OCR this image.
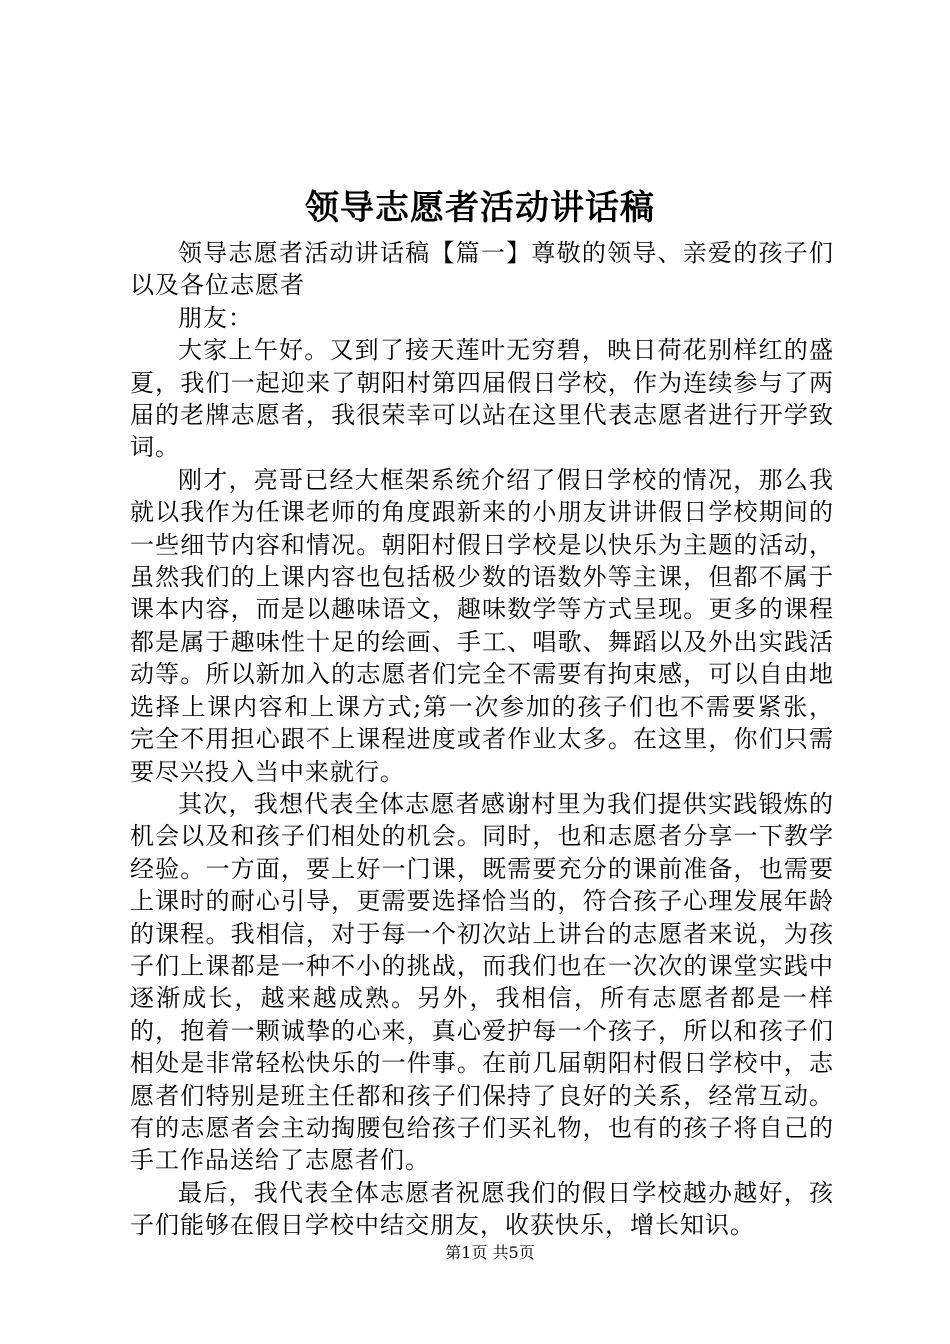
领导志愿者活动讲话稿

领导志愿者活动讲话稿【篇一】尊敬的领导、亲爱的孩子们以及各位志愿者

朋友：

大家上午好。又到了接天莲叶无穷碧，映日荷花别样红的盛夏，我们一起迎来了朝阳村第四届假日学校，作为连续参与了两届的老牌志愿者，我很荣幸可以站在这里代表志愿者进行开学致词。

刚才，亮哥已经大框架系统介绍了假日学校的情况，那么我就以我作为任课老师的角度跟新来的小朋友讲讲假日学校期间的一些细节内容和情况。朝阳村假日学校是以快乐为主题的活动，虽然我们的上课内容也包括极少数的语数外等主课，但都不属于课本内容，而是以趣味语文，趣味数学等方式呈现。更多的课程都是属于趣味性十足的绘画、手工、唱歌、舞蹈以及外出实践活动等。所以新加入的志愿者们完全不需要有拘束感，可以自由地选择上课内容和上课方式;第一次参加的孩子们也不需要紧张，完全不用担心跟不上课程进度或者作业太多。在这里，你们只需要尽兴投入当中来就行。

其次，我想代表全体志愿者感谢村里为我们提供实践锻炼的机会以及和孩子们相处的机会。同时，也和志愿者分享一下教学经验。一方面，要上好一门课，既需要充分的课前准备，也需要上课时的耐心引导，更需要选择恰当的，符合孩子心理发展年龄的课程。我相信，对于每一个初次站上讲台的志愿者来说，为孩子们上课都是一种不小的挑战，而我们也在一次次的课堂实践中逐渐成长，越来越成熟。另外，我相信，所有志愿者都是一样的，抱着一颗诚挚的心来，真心爱护每一个孩子，所以和孩子们相处是非常轻松快乐的一件事。在前几届朝阳村假日学校中，志愿者们特别是班主任都和孩子们保持了良好的关系，经常互动。有的志愿者会主动掏腰包给孩子们买礼物，也有的孩子将自己的手工作品送给了志愿者们。

最后，我代表全体志愿者祝愿我们的假日学校越办越好，孩子们能够在假日学校中结交朋友，收获快乐，增长知识。

第1页 共5页
